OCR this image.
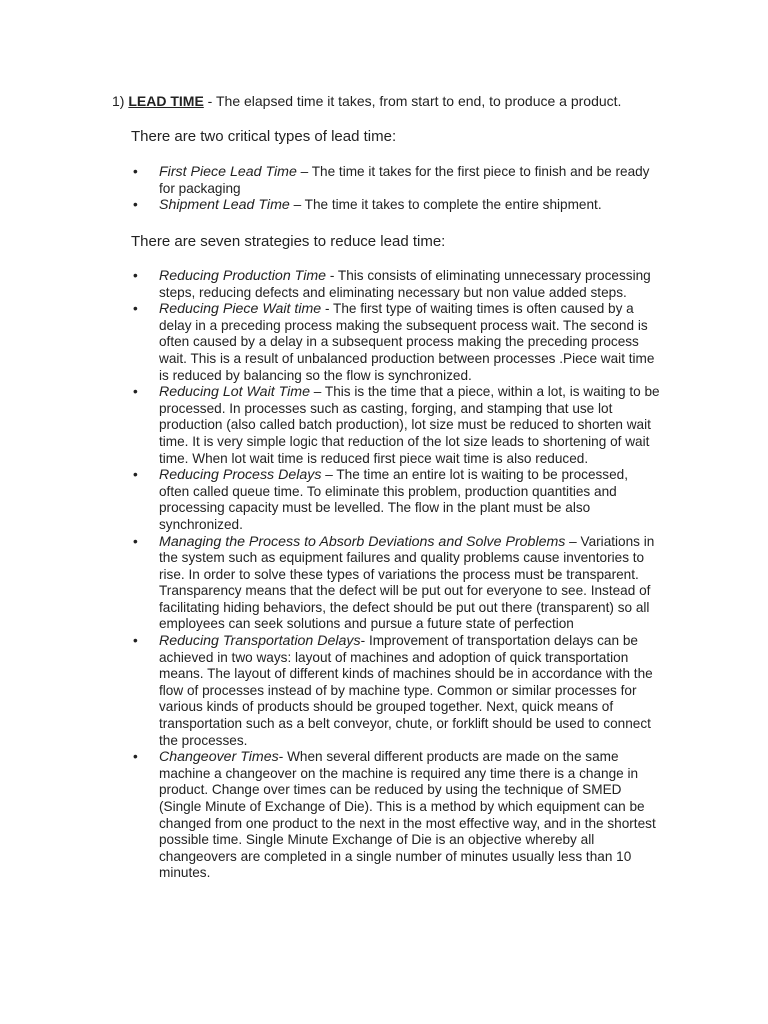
1) LEAD TIME - The elapsed time it takes, from start to end, to produce a product.
There are two critical types of lead time:
• First Piece Lead Time – The time it takes for the first piece to finish and be ready for packaging
• Shipment Lead Time – The time it takes to complete the entire shipment.
There are seven strategies to reduce lead time:
• Reducing Production Time - This consists of eliminating unnecessary processing steps, reducing defects and eliminating necessary but non value added steps.
• Reducing Piece Wait time - The first type of waiting times is often caused by a delay in a preceding process making the subsequent process wait. The second is often caused by a delay in a subsequent process making the preceding process wait. This is a result of unbalanced production between processes .Piece wait time is reduced by balancing so the flow is synchronized.
• Reducing Lot Wait Time – This is the time that a piece, within a lot, is waiting to be processed. In processes such as casting, forging, and stamping that use lot production (also called batch production), lot size must be reduced to shorten wait time. It is very simple logic that reduction of the lot size leads to shortening of wait time. When lot wait time is reduced first piece wait time is also reduced.
• Reducing Process Delays – The time an entire lot is waiting to be processed, often called queue time. To eliminate this problem, production quantities and processing capacity must be levelled. The flow in the plant must be also synchronized.
• Managing the Process to Absorb Deviations and Solve Problems – Variations in the system such as equipment failures and quality problems cause inventories to rise. In order to solve these types of variations the process must be transparent. Transparency means that the defect will be put out for everyone to see. Instead of facilitating hiding behaviors, the defect should be put out there (transparent) so all employees can seek solutions and pursue a future state of perfection
• Reducing Transportation Delays- Improvement of transportation delays can be achieved in two ways: layout of machines and adoption of quick transportation means. The layout of different kinds of machines should be in accordance with the flow of processes instead of by machine type. Common or similar processes for various kinds of products should be grouped together. Next, quick means of transportation such as a belt conveyor, chute, or forklift should be used to connect the processes.
• Changeover Times- When several different products are made on the same machine a changeover on the machine is required any time there is a change in product. Change over times can be reduced by using the technique of SMED (Single Minute of Exchange of Die). This is a method by which equipment can be changed from one product to the next in the most effective way, and in the shortest possible time. Single Minute Exchange of Die is an objective whereby all changeovers are completed in a single number of minutes usually less than 10 minutes.
